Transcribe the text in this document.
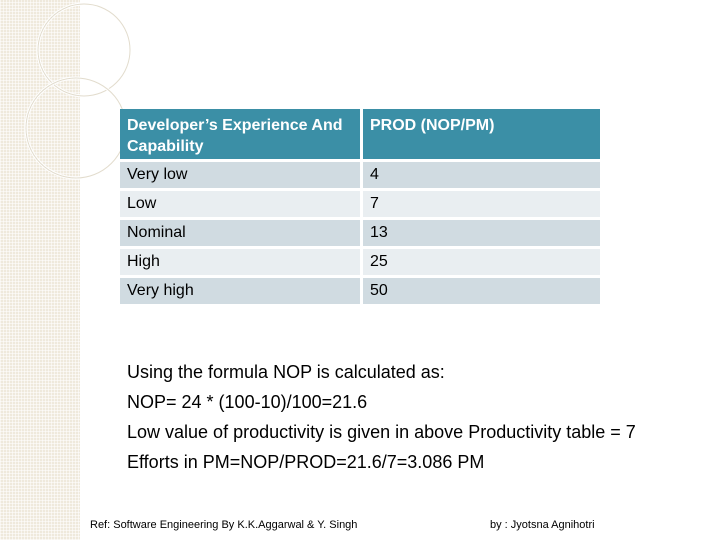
Developer’s Experience And Capability	PROD (NOP/PM)
Very low	4
Low	7
Nominal	13
High	25
Very high	50

Using the formula NOP is calculated as:

NOP= 24 * (100-10)/100=21.6

Low value of productivity is given in above Productivity table = 7

Efforts in PM=NOP/PROD=21.6/7=3.086 PM

Ref: Software Engineering By K.K.Aggarwal & Y. Singh	by : Jyotsna Agnihotri
